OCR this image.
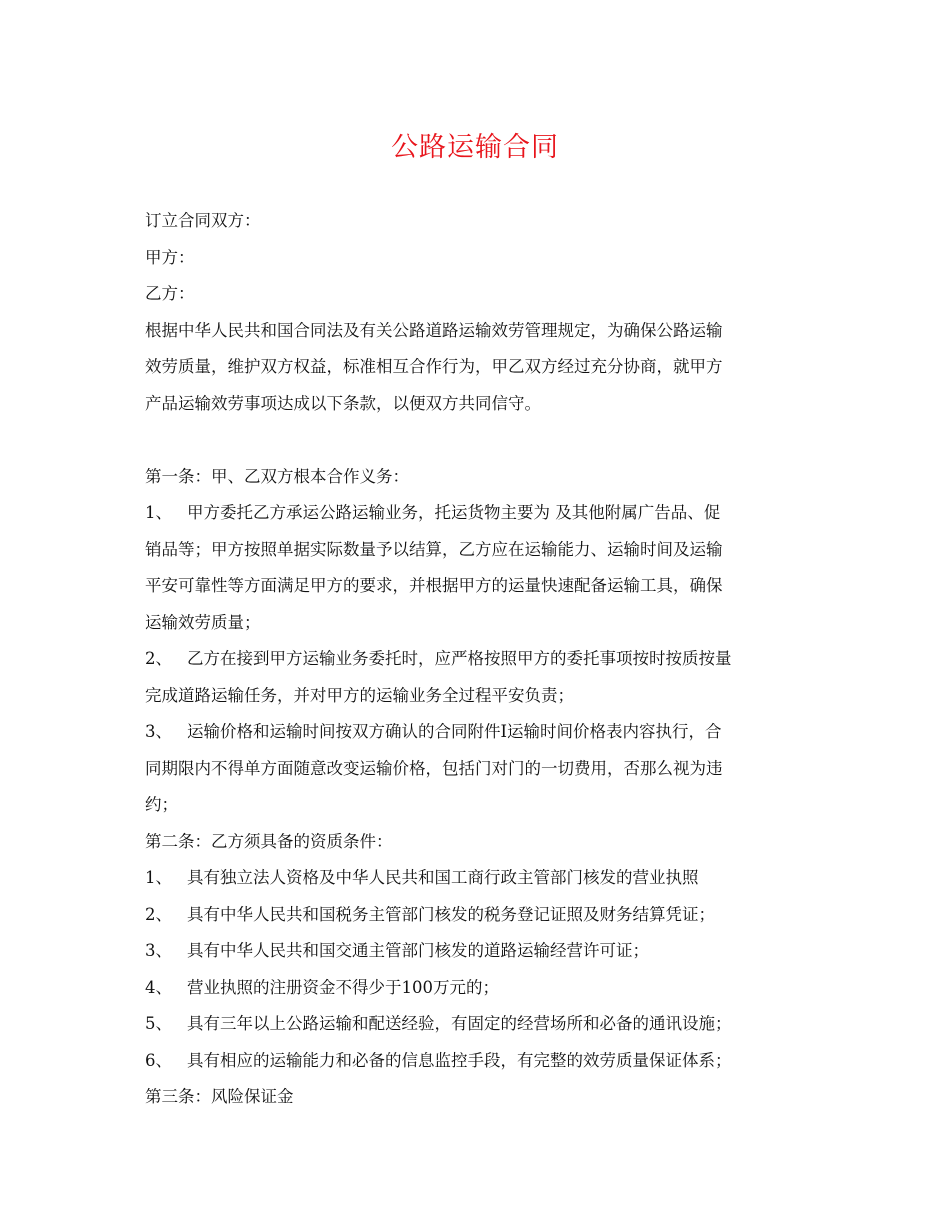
公路运输合同
订立合同双方：
甲方：
乙方：
根据中华人民共和国合同法及有关公路道路运输效劳管理规定，为确保公路运输
效劳质量，维护双方权益，标准相互合作行为，甲乙双方经过充分协商，就甲方
产品运输效劳事项达成以下条款，以便双方共同信守。
第一条：甲、乙双方根本合作义务：
1、 甲方委托乙方承运公路运输业务，托运货物主要为 及其他附属广告品、促
销品等；甲方按照单据实际数量予以结算，乙方应在运输能力、运输时间及运输
平安可靠性等方面满足甲方的要求，并根据甲方的运量快速配备运输工具，确保
运输效劳质量；
2、 乙方在接到甲方运输业务委托时，应严格按照甲方的委托事项按时按质按量
完成道路运输任务，并对甲方的运输业务全过程平安负责；
3、 运输价格和运输时间按双方确认的合同附件Ⅰ运输时间价格表内容执行，合
同期限内不得单方面随意改变运输价格，包括门对门的一切费用，否那么视为违
约；
第二条：乙方须具备的资质条件：
1、 具有独立法人资格及中华人民共和国工商行政主管部门核发的营业执照
2、 具有中华人民共和国税务主管部门核发的税务登记证照及财务结算凭证；
3、 具有中华人民共和国交通主管部门核发的道路运输经营许可证；
4、 营业执照的注册资金不得少于100万元的；
5、 具有三年以上公路运输和配送经验，有固定的经营场所和必备的通讯设施；
6、 具有相应的运输能力和必备的信息监控手段，有完整的效劳质量保证体系；
第三条：风险保证金
